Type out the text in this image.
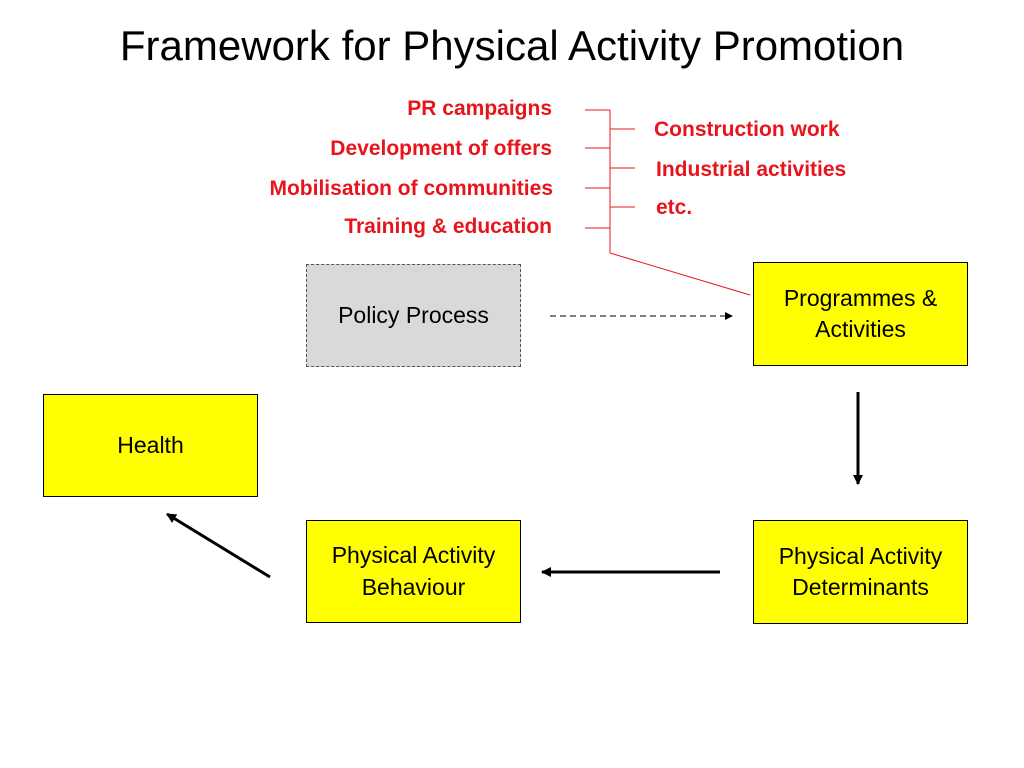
Framework for Physical Activity Promotion
PR campaigns
Development of offers
Mobilisation of communities
Training & education
Construction work
Industrial activities
etc.
Policy Process
Programmes &
Activities
Health
Physical Activity
Behaviour
Physical Activity
Determinants
